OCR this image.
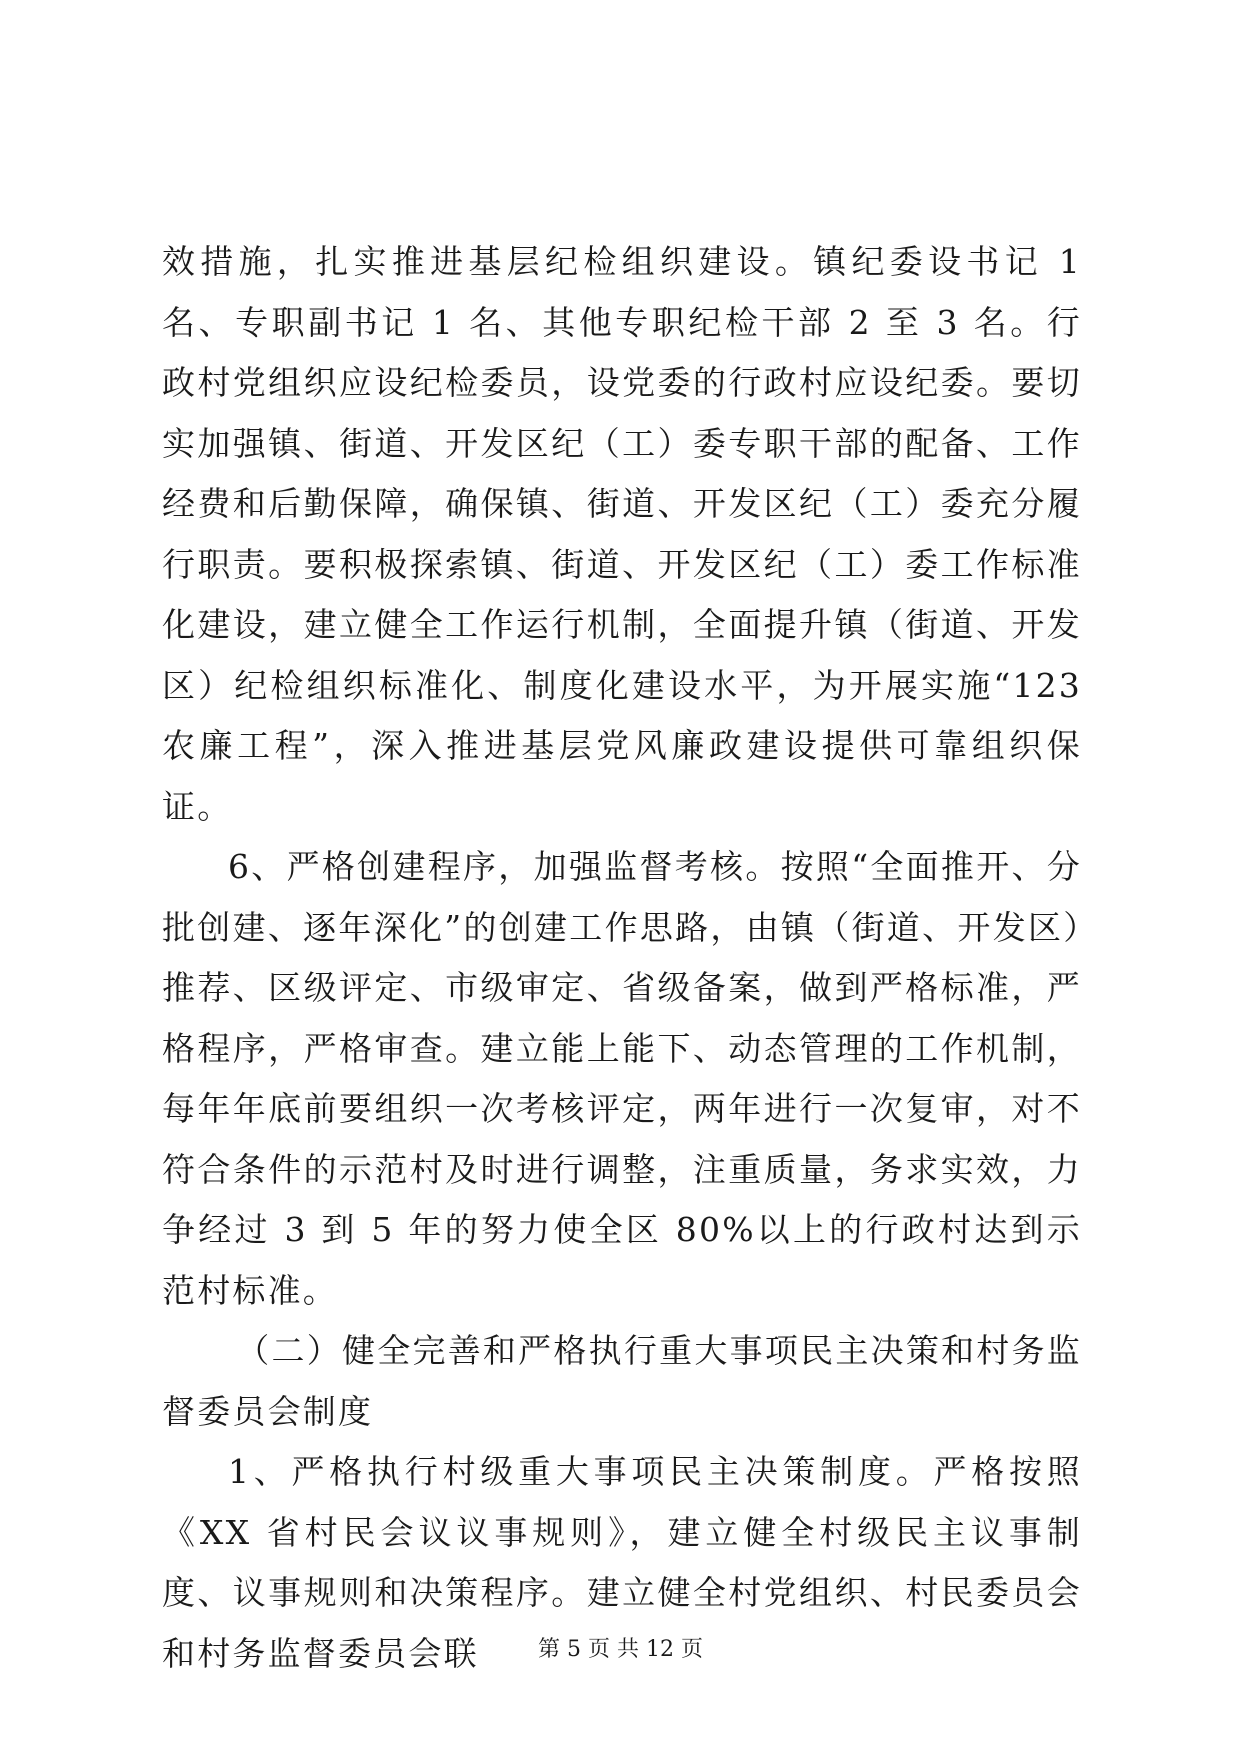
效措施，扎实推进基层纪检组织建设。镇纪委设书记 1 名、专职副书记 1 名、其他专职纪检干部 2 至 3 名。行政村党组织应设纪检委员，设党委的行政村应设纪委。要切实加强镇、街道、开发区纪（工）委专职干部的配备、工作经费和后勤保障，确保镇、街道、开发区纪（工）委充分履行职责。要积极探索镇、街道、开发区纪（工）委工作标准化建设，建立健全工作运行机制，全面提升镇（街道、开发区）纪检组织标准化、制度化建设水平，为开展实施“123 农廉工程”，深入推进基层党风廉政建设提供可靠组织保证。

6、严格创建程序，加强监督考核。按照“全面推开、分批创建、逐年深化”的创建工作思路，由镇（街道、开发区）推荐、区级评定、市级审定、省级备案，做到严格标准，严格程序，严格审查。建立能上能下、动态管理的工作机制，每年年底前要组织一次考核评定，两年进行一次复审，对不符合条件的示范村及时进行调整，注重质量，务求实效，力争经过 3 到 5 年的努力使全区 80%以上的行政村达到示范村标准。

（二）健全完善和严格执行重大事项民主决策和村务监督委员会制度

1、严格执行村级重大事项民主决策制度。严格按照《XX 省村民会议议事规则》，建立健全村级民主议事制度、议事规则和决策程序。建立健全村党组织、村民委员会和村务监督委员会联	第 5 页 共 12 页
